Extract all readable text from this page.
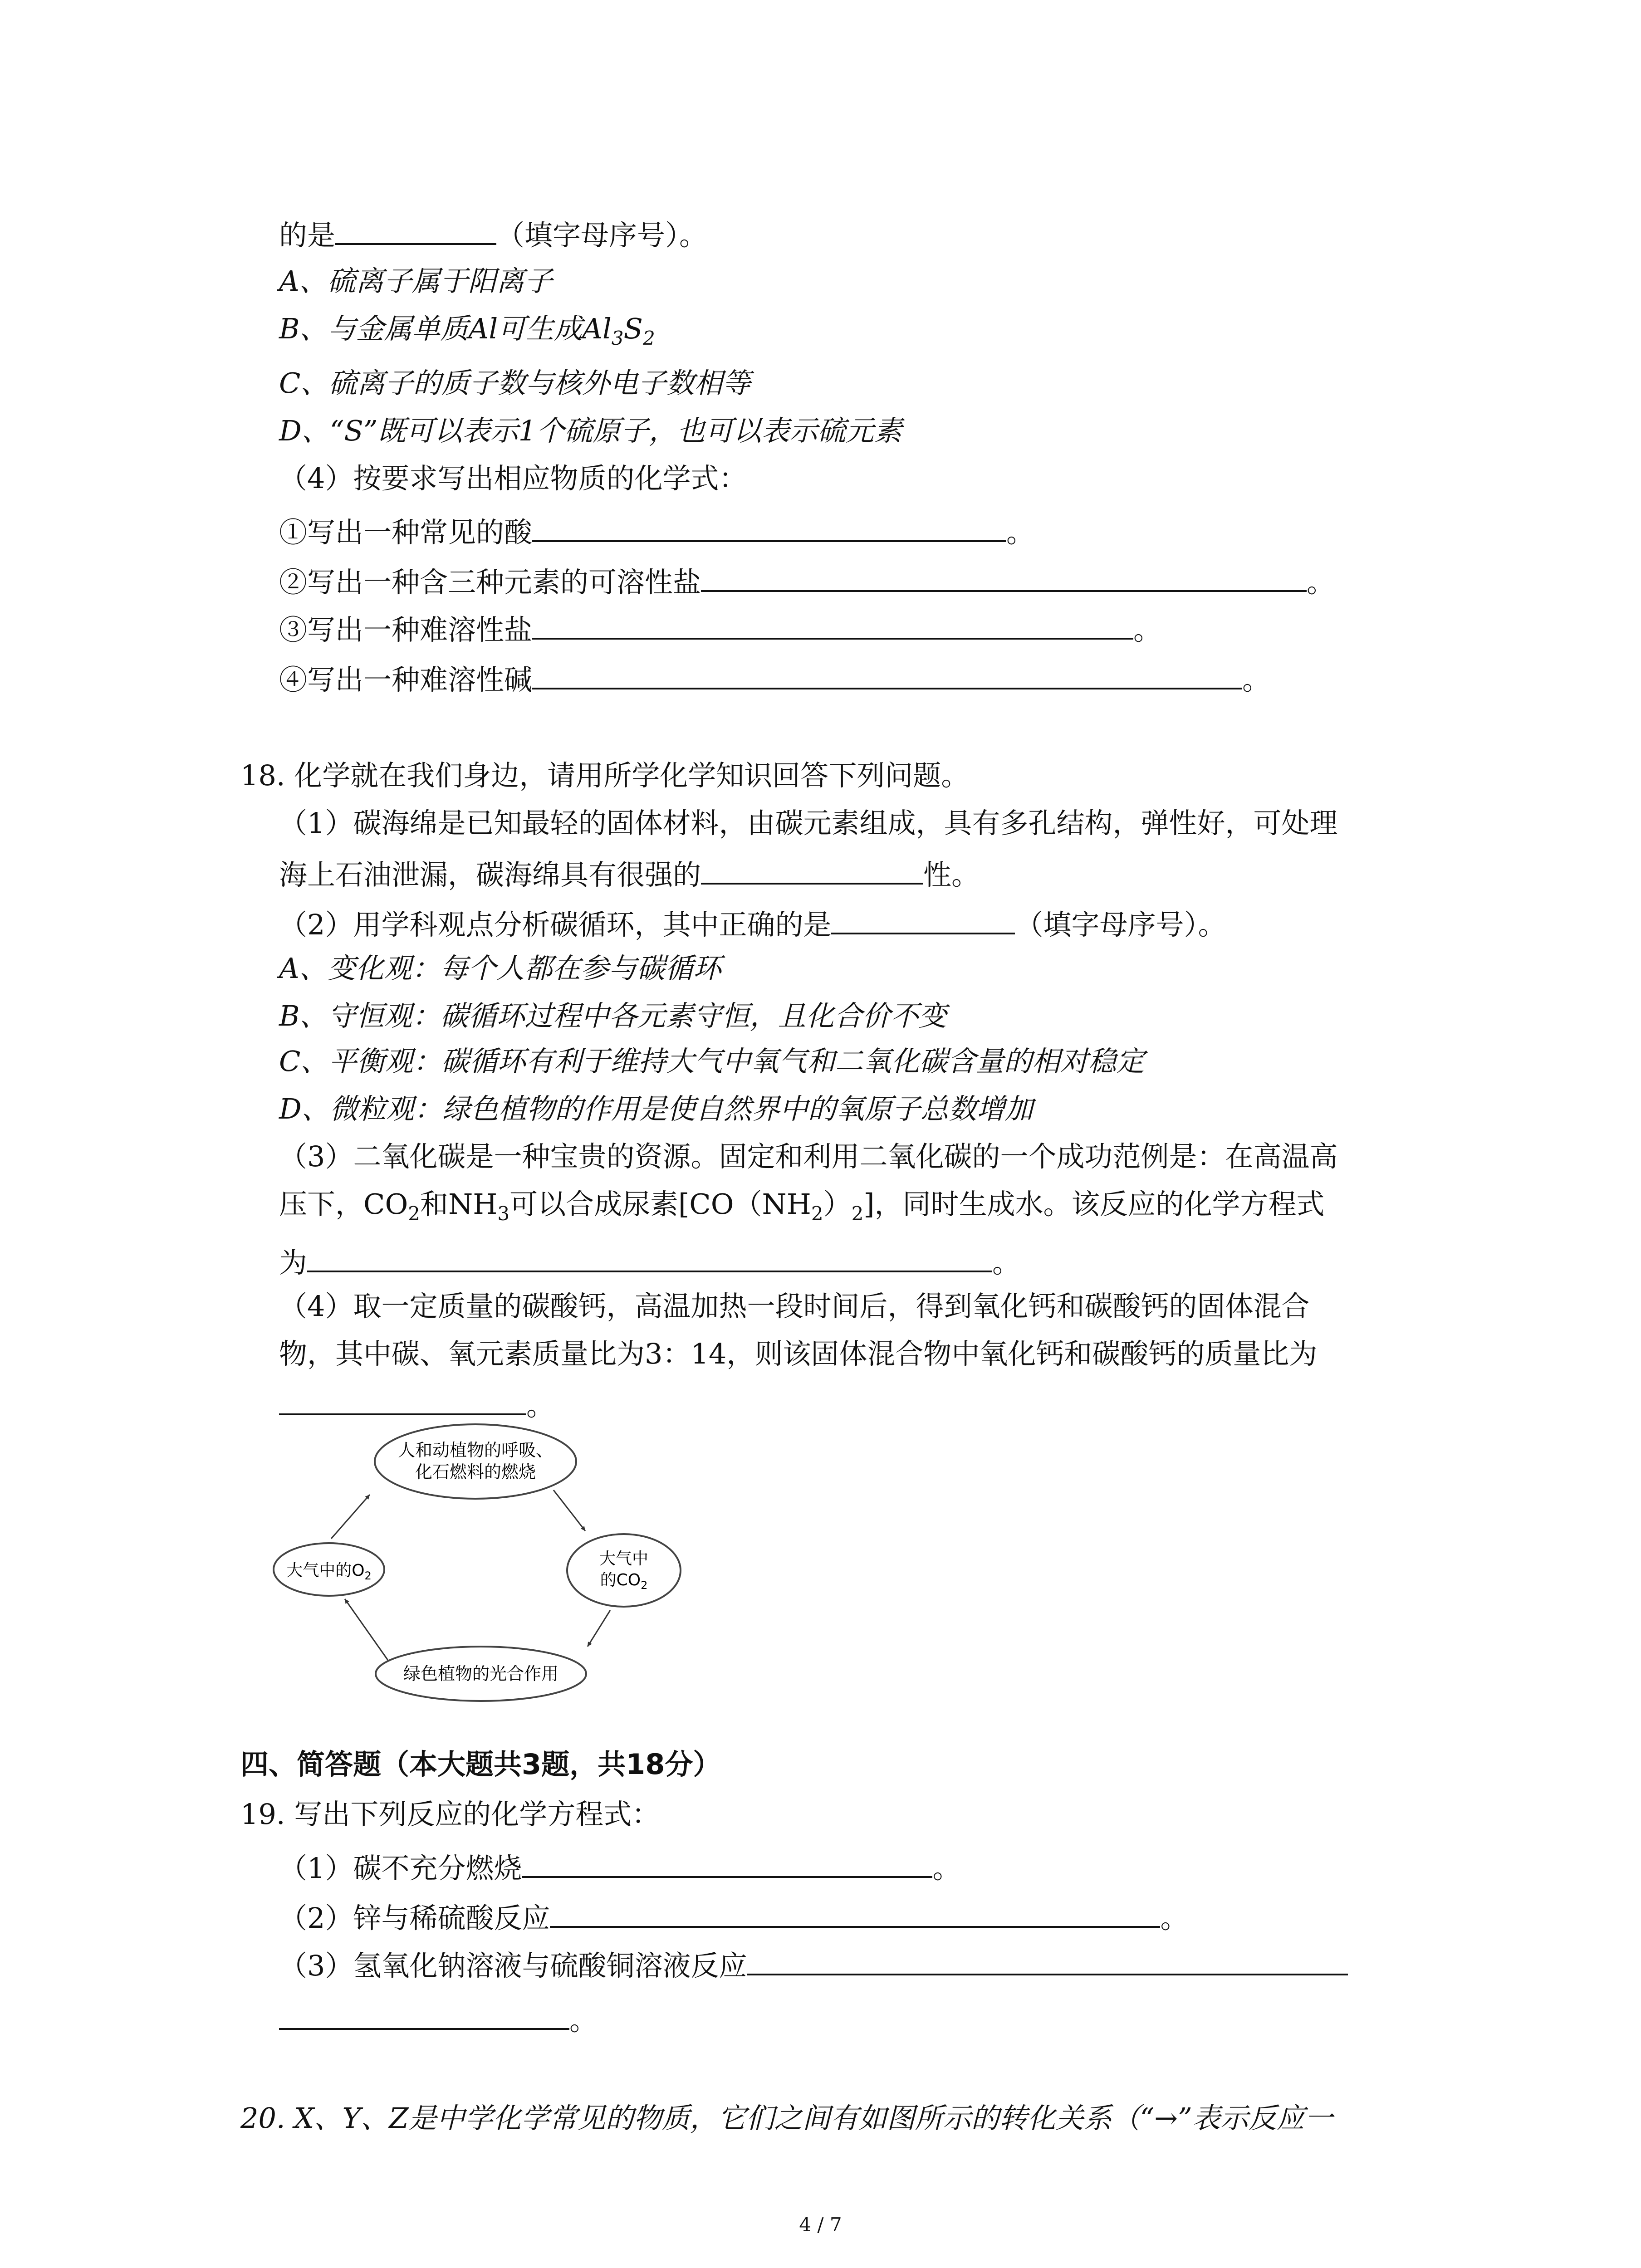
的是	（填字母序号）。
A、硫离子属于阳离子
B、与金属单质Al可生成$Al_3S_2$
C、硫离子的质子数与核外电子数相等
D、“S”既可以表示1个硫原子，也可以表示硫元素
（4）按要求写出相应物质的化学式：
①写出一种常见的酸	。
②写出一种含三种元素的可溶性盐	。
③写出一种难溶性盐	。
④写出一种难溶性碱	。
18. 化学就在我们身边，请用所学化学知识回答下列问题。
（1）碳海绵是已知最轻的固体材料，由碳元素组成，具有多孔结构，弹性好，可处理
海上石油泄漏，碳海绵具有很强的	性。
（2）用学科观点分析碳循环，其中正确的是	（填字母序号）。
A、变化观：每个人都在参与碳循环
B、守恒观：碳循环过程中各元素守恒，且化合价不变
C、平衡观：碳循环有利于维持大气中氧气和二氧化碳含量的相对稳定
D、微粒观：绿色植物的作用是使自然界中的氧原子总数增加
（3）二氧化碳是一种宝贵的资源。固定和利用二氧化碳的一个成功范例是：在高温高
压下，$CO_2$和$NH_3$可以合成尿素$[CO(NH_2)_2]$，同时生成水。该反应的化学方程式
为	。
（4）取一定质量的碳酸钙，高温加热一段时间后，得到氧化钙和碳酸钙的固体混合
物，其中碳、氧元素质量比为3：14，则该固体混合物中氧化钙和碳酸钙的质量比为
。
人和动植物的呼吸、
化石燃料的燃烧
大气中的$O_2$
大气中
的$CO_2$
绿色植物的光合作用
四、简答题（本大题共3题，共18分）
19. 写出下列反应的化学方程式：
（1）碳不充分燃烧	。
（2）锌与稀硫酸反应	。
（3）氢氧化钠溶液与硫酸铜溶液反应
。
20. X、Y、Z是中学化学常见的物质，它们之间有如图所示的转化关系（“→”表示反应一
4 / 7
